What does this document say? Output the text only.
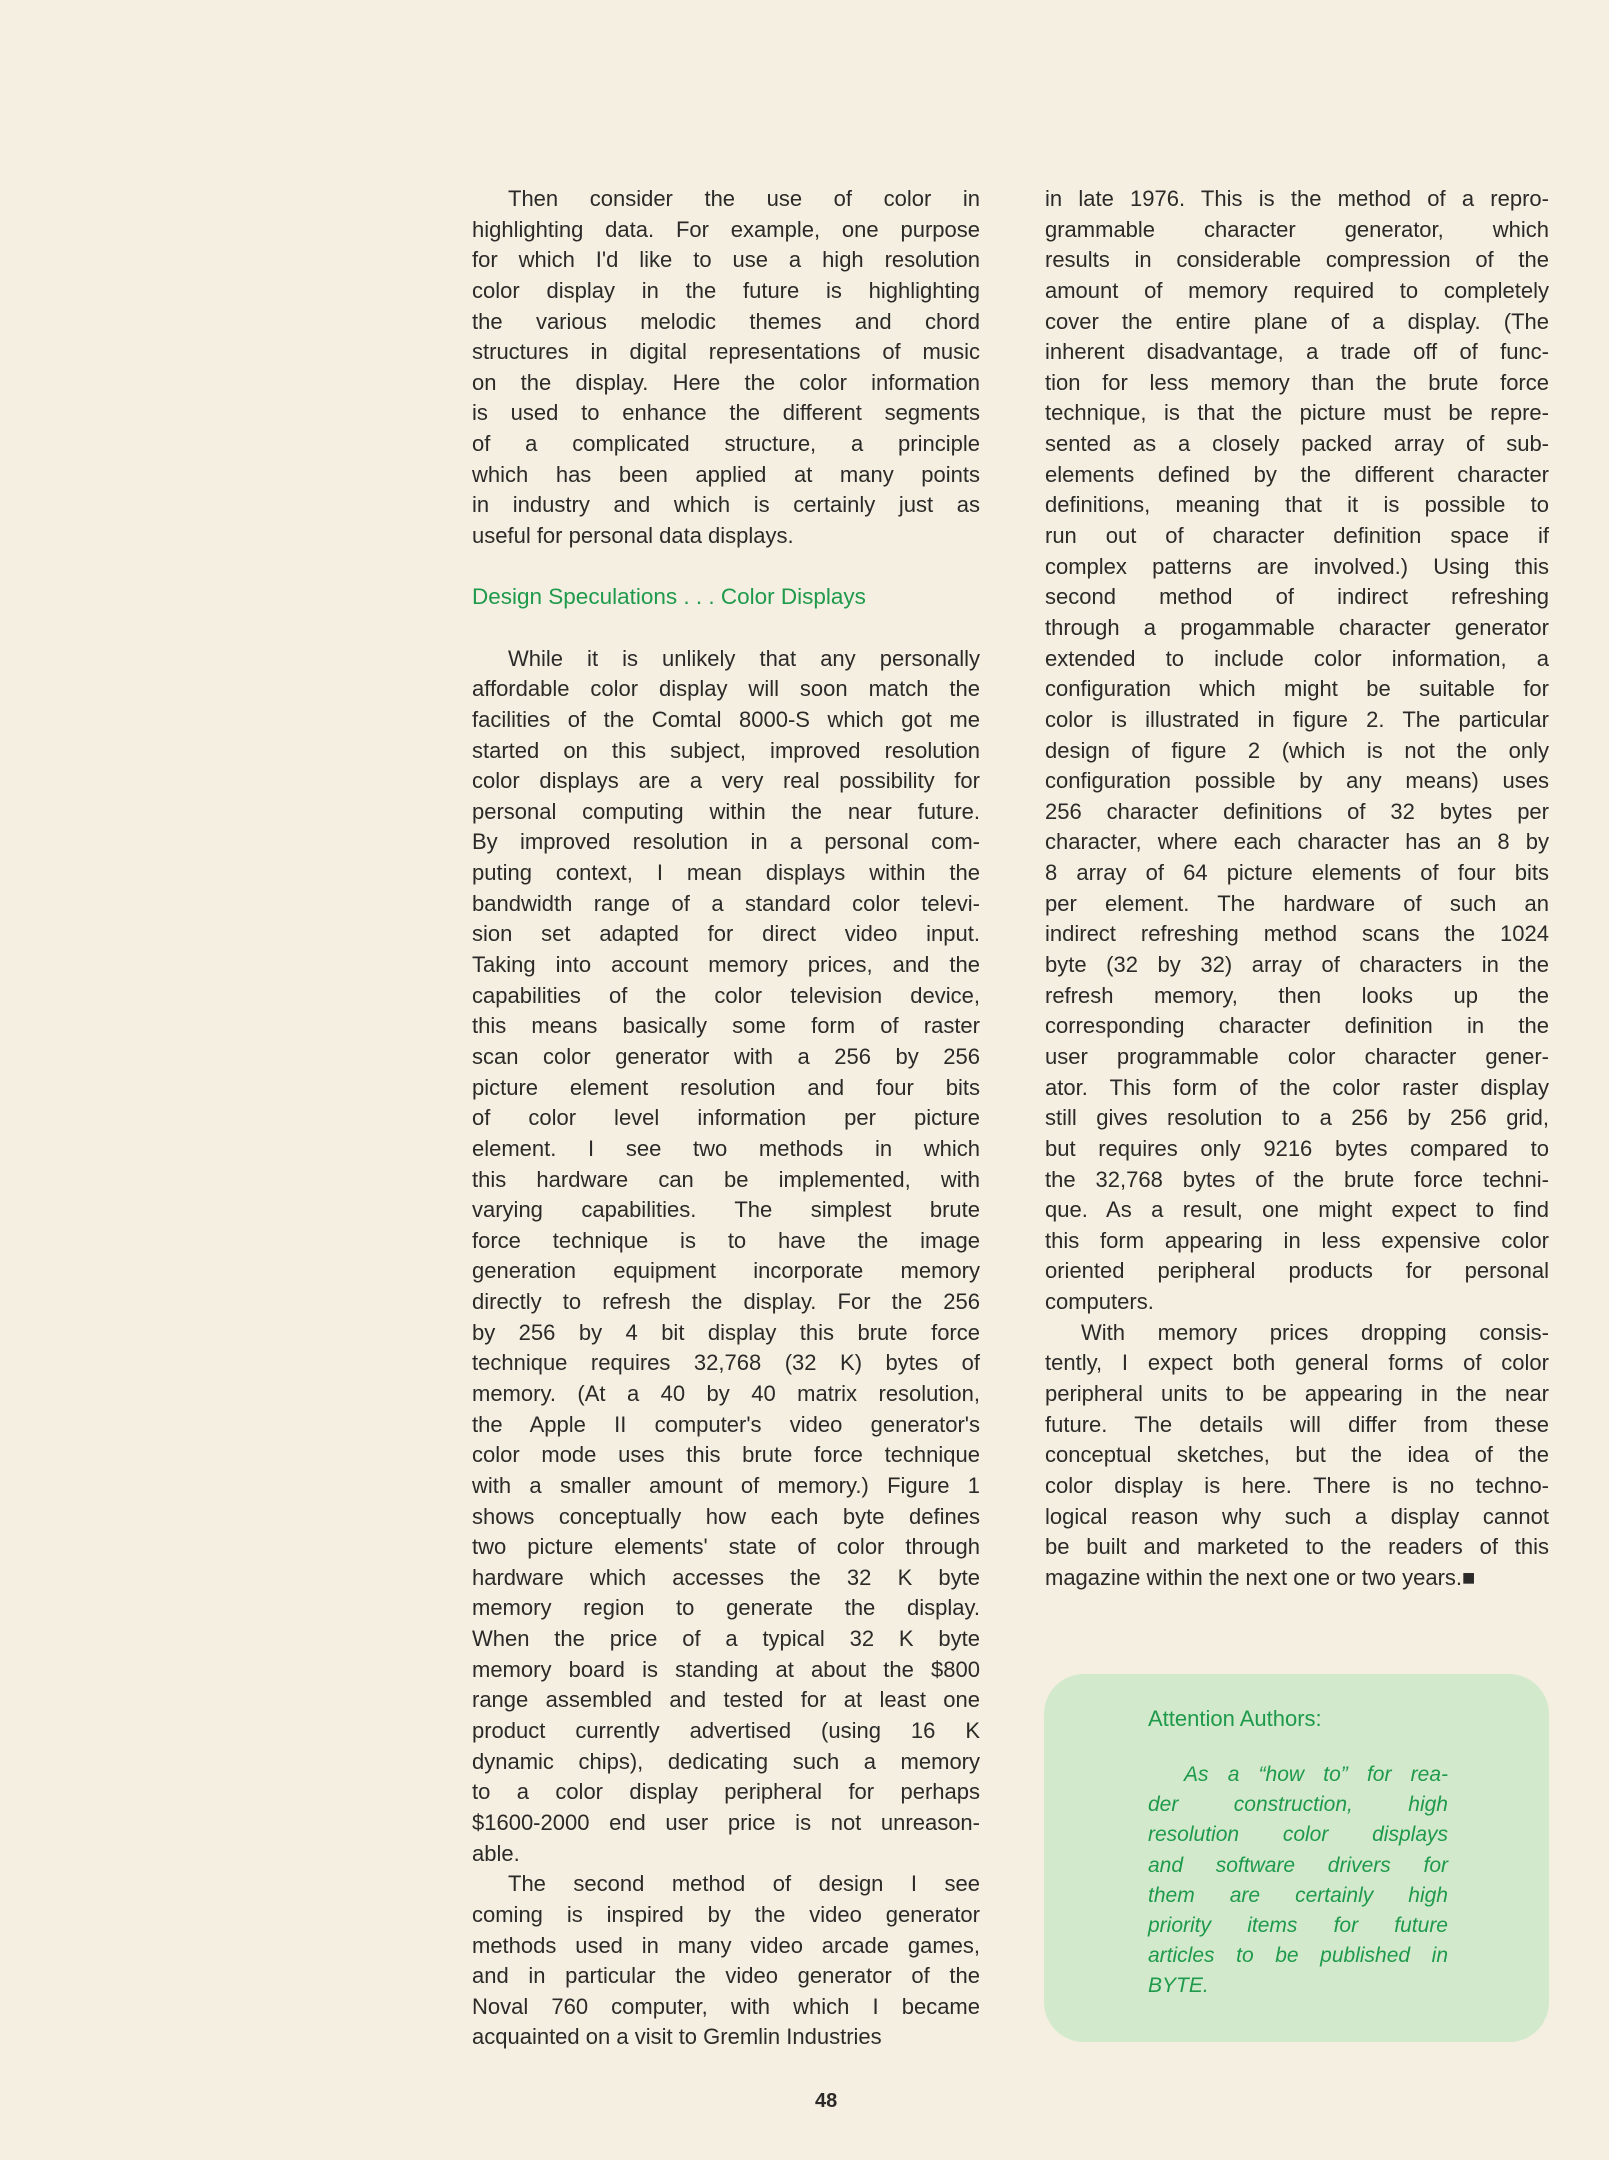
Then consider the use of color in
highlighting data. For example, one purpose
for which I'd like to use a high resolution
color display in the future is highlighting
the various melodic themes and chord
structures in digital representations of music
on the display. Here the color information
is used to enhance the different segments
of a complicated structure, a principle
which has been applied at many points
in industry and which is certainly just as
useful for personal data displays.
Design Speculations . . . Color Displays
While it is unlikely that any personally
affordable color display will soon match the
facilities of the Comtal 8000-S which got me
started on this subject, improved resolution
color displays are a very real possibility for
personal computing within the near future.
By improved resolution in a personal com-
puting context, I mean displays within the
bandwidth range of a standard color televi-
sion set adapted for direct video input.
Taking into account memory prices, and the
capabilities of the color television device,
this means basically some form of raster
scan color generator with a 256 by 256
picture element resolution and four bits
of color level information per picture
element. I see two methods in which
this hardware can be implemented, with
varying capabilities. The simplest brute
force technique is to have the image
generation equipment incorporate memory
directly to refresh the display. For the 256
by 256 by 4 bit display this brute force
technique requires 32,768 (32 K) bytes of
memory. (At a 40 by 40 matrix resolution,
the Apple II computer's video generator's
color mode uses this brute force technique
with a smaller amount of memory.) Figure 1
shows conceptually how each byte defines
two picture elements' state of color through
hardware which accesses the 32 K byte
memory region to generate the display.
When the price of a typical 32 K byte
memory board is standing at about the $800
range assembled and tested for at least one
product currently advertised (using 16 K
dynamic chips), dedicating such a memory
to a color display peripheral for perhaps
$1600-2000 end user price is not unreason-
able.
The second method of design I see
coming is inspired by the video generator
methods used in many video arcade games,
and in particular the video generator of the
Noval 760 computer, with which I became
acquainted on a visit to Gremlin Industries
in late 1976. This is the method of a repro-
grammable character generator, which
results in considerable compression of the
amount of memory required to completely
cover the entire plane of a display. (The
inherent disadvantage, a trade off of func-
tion for less memory than the brute force
technique, is that the picture must be repre-
sented as a closely packed array of sub-
elements defined by the different character
definitions, meaning that it is possible to
run out of character definition space if
complex patterns are involved.) Using this
second method of indirect refreshing
through a progammable character generator
extended to include color information, a
configuration which might be suitable for
color is illustrated in figure 2. The particular
design of figure 2 (which is not the only
configuration possible by any means) uses
256 character definitions of 32 bytes per
character, where each character has an 8 by
8 array of 64 picture elements of four bits
per element. The hardware of such an
indirect refreshing method scans the 1024
byte (32 by 32) array of characters in the
refresh memory, then looks up the
corresponding character definition in the
user programmable color character gener-
ator. This form of the color raster display
still gives resolution to a 256 by 256 grid,
but requires only 9216 bytes compared to
the 32,768 bytes of the brute force techni-
que. As a result, one might expect to find
this form appearing in less expensive color
oriented peripheral products for personal
computers.
With memory prices dropping consis-
tently, I expect both general forms of color
peripheral units to be appearing in the near
future. The details will differ from these
conceptual sketches, but the idea of the
color display is here. There is no techno-
logical reason why such a display cannot
be built and marketed to the readers of this
magazine within the next one or two years.■
Attention Authors:
As a “how to” for rea-
der construction, high
resolution color displays
and software drivers for
them are certainly high
priority items for future
articles to be published in
BYTE.
48
